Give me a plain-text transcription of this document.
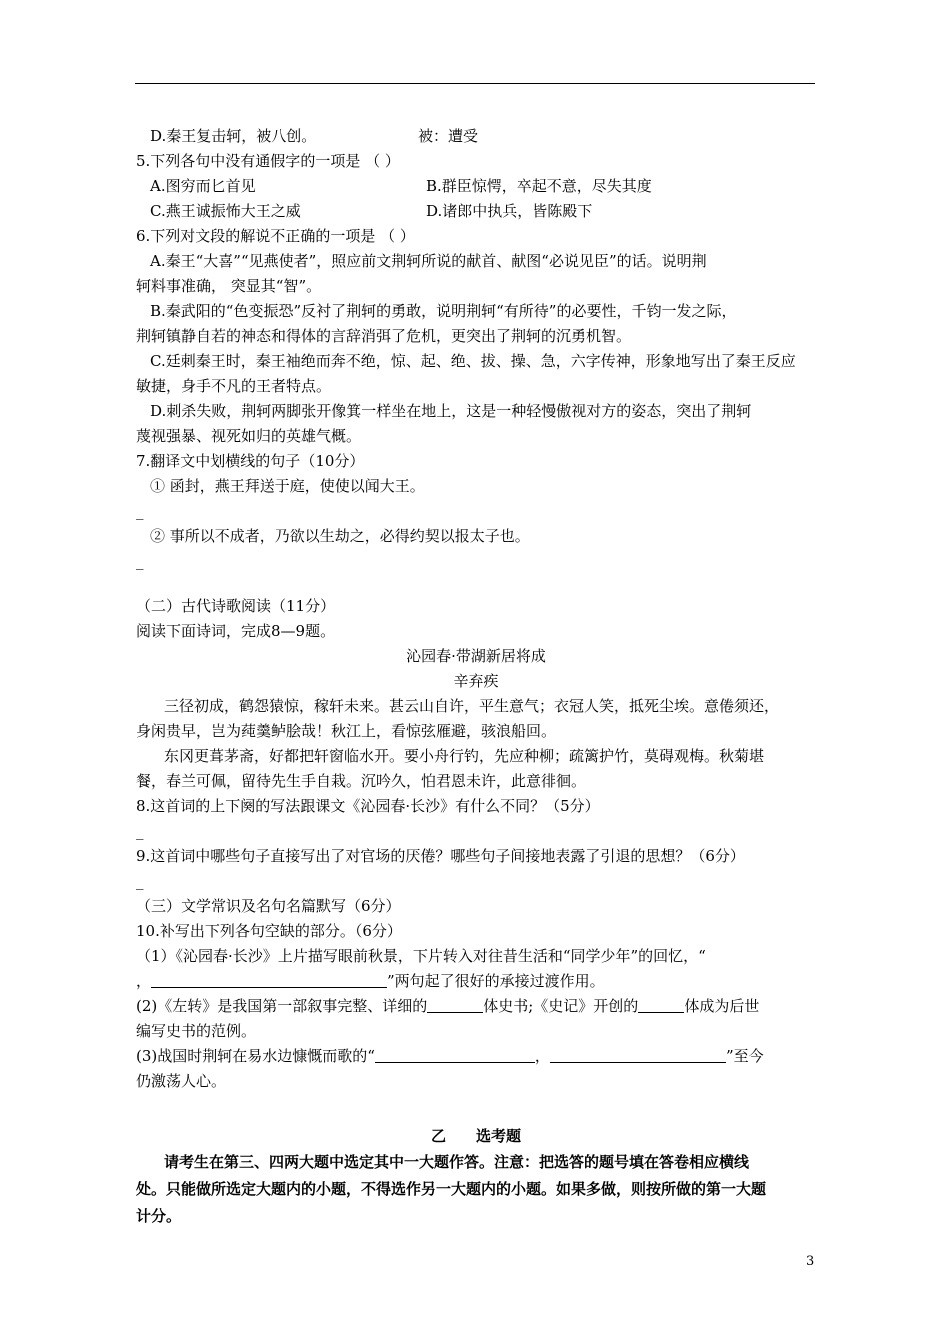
D.秦王复击轲，被八创。	被：遭受
5.下列各句中没有通假字的一项是 （ ）
A.图穷而匕首见	B.群臣惊愕，卒起不意，尽失其度
C.燕王诚振怖大王之威	D.诸郎中执兵，皆陈殿下
6.下列对文段的解说不正确的一项是 （ ）
A.秦王“大喜”“见燕使者”，照应前文荆轲所说的献首、献图“必说见臣”的话。说明荆
轲料事准确， 突显其“智”。
B.秦武阳的“色变振恐”反衬了荆轲的勇敢，说明荆轲“有所待”的必要性，千钧一发之际，
荆轲镇静自若的神态和得体的言辞消弭了危机，更突出了荆轲的沉勇机智。
C.廷刺秦王时，秦王袖绝而奔不绝，惊、起、绝、拔、操、急，六字传神，形象地写出了秦王反应
敏捷，身手不凡的王者特点。
D.刺杀失败，荆轲两脚张开像箕一样坐在地上，这是一种轻慢傲视对方的姿态，突出了荆轲
蔑视强暴、视死如归的英雄气概。
7.翻译文中划横线的句子（10分）
① 函封，燕王拜送于庭，使使以闻大王。
_
② 事所以不成者，乃欲以生劫之，必得约契以报太子也。
_
（二）古代诗歌阅读（11分）
阅读下面诗词，完成8—9题。
沁园春·带湖新居将成
辛弃疾
三径初成，鹤怨猿惊，稼轩未来。甚云山自许，平生意气；衣冠人笑，抵死尘埃。意倦须还，
身闲贵早，岂为莼羹鲈脍哉！秋江上，看惊弦雁避，骇浪船回。
东冈更葺茅斋，好都把轩窗临水开。要小舟行钓，先应种柳；疏篱护竹，莫碍观梅。秋菊堪
餐，春兰可佩，留待先生手自栽。沉吟久，怕君恩未许，此意徘徊。
8.这首词的上下阕的写法跟课文《沁园春·长沙》有什么不同？（5分）
_
9.这首词中哪些句子直接写出了对官场的厌倦？哪些句子间接地表露了引退的思想？（6分）
_
（三）文学常识及名句名篇默写（6分）
10.补写出下列各句空缺的部分。（6分）
（1）《沁园春·长沙》上片描写眼前秋景，下片转入对往昔生活和“同学少年”的回忆，“
，	”两句起了很好的承接过渡作用。
(2)《左转》是我国第一部叙事完整、详细的	体史书;《史记》开创的	体成为后世
编写史书的范例。
(3)战国时荆轲在易水边慷慨而歌的“	，	”至今
仍激荡人心。
乙　　选考题
请考生在第三、四两大题中选定其中一大题作答。注意：把选答的题号填在答卷相应横线
处。只能做所选定大题内的小题，不得选作另一大题内的小题。如果多做，则按所做的第一大题
计分。
3
